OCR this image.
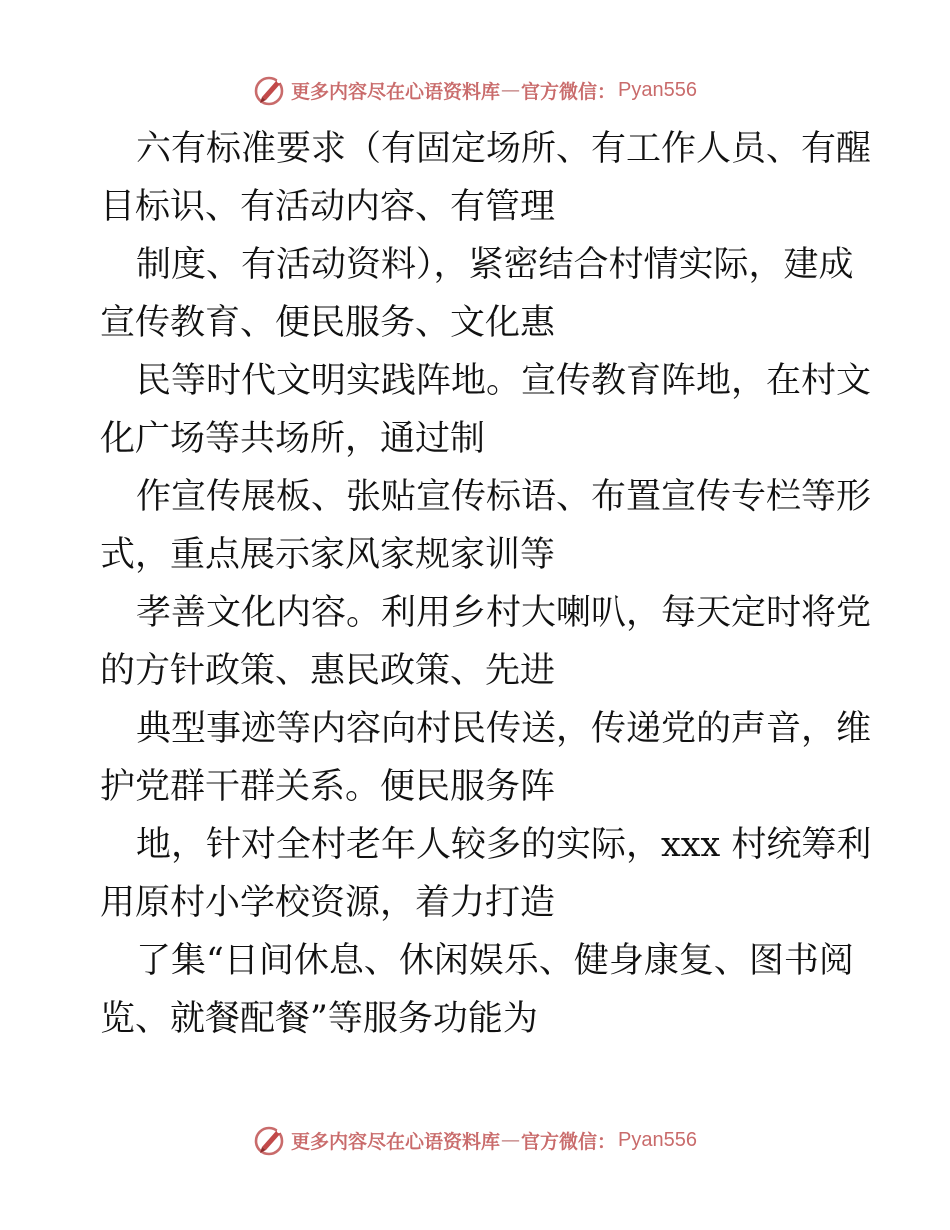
更多内容尽在心语资料库 — 官方微信： Pyan556
六有标准要求（有固定场所、有工作人员、有醒
目标识、有活动内容、有管理
制度、有活动资料），紧密结合村情实际，建成
宣传教育、便民服务、文化惠
民等时代文明实践阵地。宣传教育阵地，在村文
化广场等共场所，通过制
作宣传展板、张贴宣传标语、布置宣传专栏等形
式，重点展示家风家规家训等
孝善文化内容。利用乡村大喇叭，每天定时将党
的方针政策、惠民政策、先进
典型事迹等内容向村民传送，传递党的声音，维
护党群干群关系。便民服务阵
地，针对全村老年人较多的实际，xxx 村统筹利
用原村小学校资源，着力打造
了集“日间休息、休闲娱乐、健身康复、图书阅
览、就餐配餐”等服务功能为
更多内容尽在心语资料库 — 官方微信： Pyan556
